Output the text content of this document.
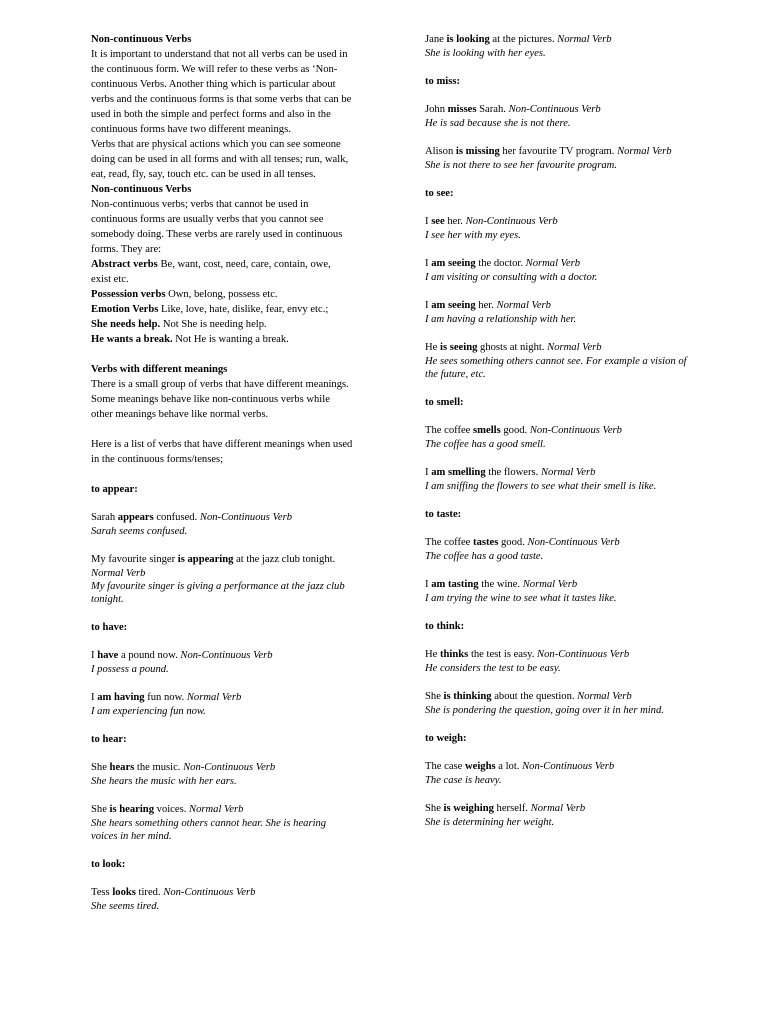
Non-continuous Verbs
It is important to understand that not all verbs can be used in
the continuous form. We will refer to these verbs as ‘Non-
continuous Verbs. Another thing which is particular about
verbs and the continuous forms is that some verbs that can be
used in both the simple and perfect forms and also in the
continuous forms have two different meanings.
Verbs that are physical actions which you can see someone
doing can be used in all forms and with all tenses; run, walk,
eat, read, fly, say, touch etc. can be used in all tenses.
Non-continuous Verbs
Non-continuous verbs; verbs that cannot be used in
continuous forms are usually verbs that you cannot see
somebody doing. These verbs are rarely used in continuous
forms. They are:
Abstract verbs Be, want, cost, need, care, contain, owe,
exist etc.
Possession verbs Own, belong, possess etc.
Emotion Verbs Like, love, hate, dislike, fear, envy etc.;
She needs help. Not She is needing help.
He wants a break. Not He is wanting a break.
Verbs with different meanings
There is a small group of verbs that have different meanings.
Some meanings behave like non-continuous verbs while
other meanings behave like normal verbs.
Here is a list of verbs that have different meanings when used
in the continuous forms/tenses;
to appear:
Sarah appears confused. Non-Continuous Verb
Sarah seems confused.
My favourite singer is appearing at the jazz club tonight.
Normal Verb
My favourite singer is giving a performance at the jazz club
tonight.
to have:
I have a pound now. Non-Continuous Verb
I possess a pound.
I am having fun now. Normal Verb
I am experiencing fun now.
to hear:
She hears the music. Non-Continuous Verb
She hears the music with her ears.
She is hearing voices. Normal Verb
She hears something others cannot hear. She is hearing
voices in her mind.
to look:
Tess looks tired. Non-Continuous Verb
She seems tired.
Jane is looking at the pictures. Normal Verb
She is looking with her eyes.
to miss:
John misses Sarah. Non-Continuous Verb
He is sad because she is not there.
Alison is missing her favourite TV program. Normal Verb
She is not there to see her favourite program.
to see:
I see her. Non-Continuous Verb
I see her with my eyes.
I am seeing the doctor. Normal Verb
I am visiting or consulting with a doctor.
I am seeing her. Normal Verb
I am having a relationship with her.
He is seeing ghosts at night. Normal Verb
He sees something others cannot see. For example a vision of
the future, etc.
to smell:
The coffee smells good. Non-Continuous Verb
The coffee has a good smell.
I am smelling the flowers. Normal Verb
I am sniffing the flowers to see what their smell is like.
to taste:
The coffee tastes good. Non-Continuous Verb
The coffee has a good taste.
I am tasting the wine. Normal Verb
I am trying the wine to see what it tastes like.
to think:
He thinks the test is easy. Non-Continuous Verb
He considers the test to be easy.
She is thinking about the question. Normal Verb
She is pondering the question, going over it in her mind.
to weigh:
The case weighs a lot. Non-Continuous Verb
The case is heavy.
She is weighing herself. Normal Verb
She is determining her weight.
